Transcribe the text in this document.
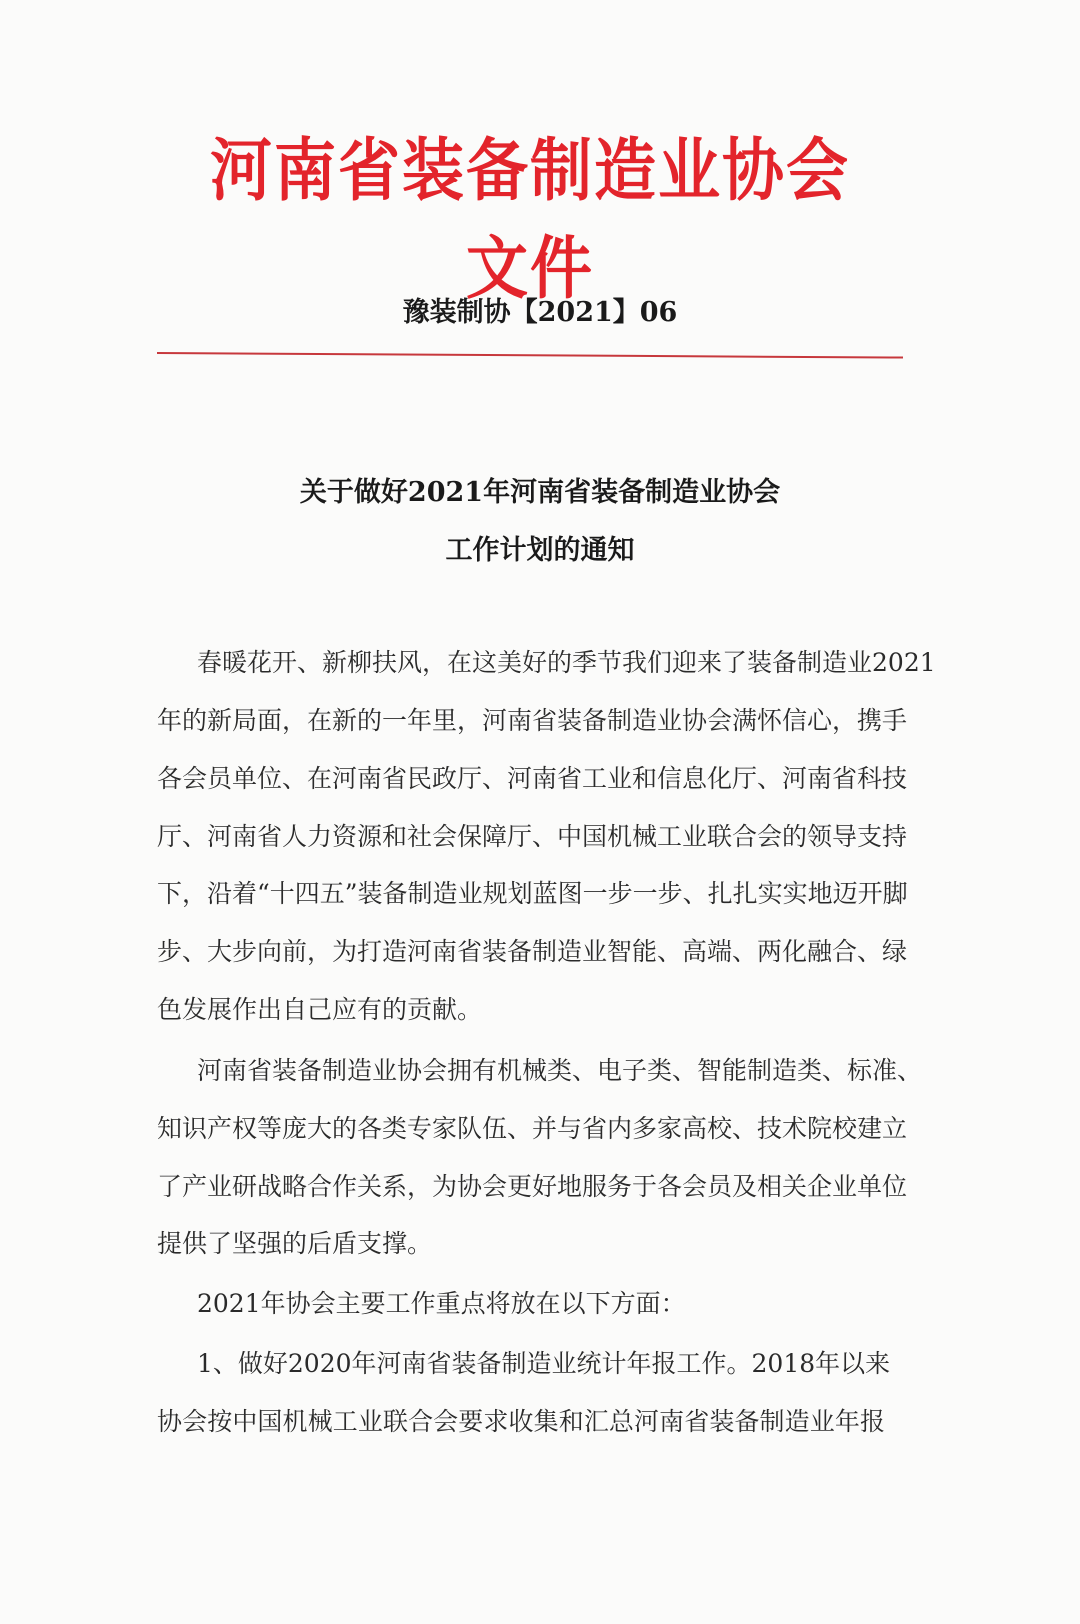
河南省装备制造业协会文件
豫装制协【2021】06
关于做好2021年河南省装备制造业协会
工作计划的通知
春暖花开、新柳扶风，在这美好的季节我们迎来了装备制造业2021
年的新局面，在新的一年里，河南省装备制造业协会满怀信心，携手
各会员单位、在河南省民政厅、河南省工业和信息化厅、河南省科技
厅、河南省人力资源和社会保障厅、中国机械工业联合会的领导支持
下，沿着“十四五”装备制造业规划蓝图一步一步、扎扎实实地迈开脚
步、大步向前，为打造河南省装备制造业智能、高端、两化融合、绿
色发展作出自己应有的贡献。
河南省装备制造业协会拥有机械类、电子类、智能制造类、标准、
知识产权等庞大的各类专家队伍、并与省内多家高校、技术院校建立
了产业研战略合作关系，为协会更好地服务于各会员及相关企业单位
提供了坚强的后盾支撑。
2021年协会主要工作重点将放在以下方面：
1、做好2020年河南省装备制造业统计年报工作。2018年以来
协会按中国机械工业联合会要求收集和汇总河南省装备制造业年报
